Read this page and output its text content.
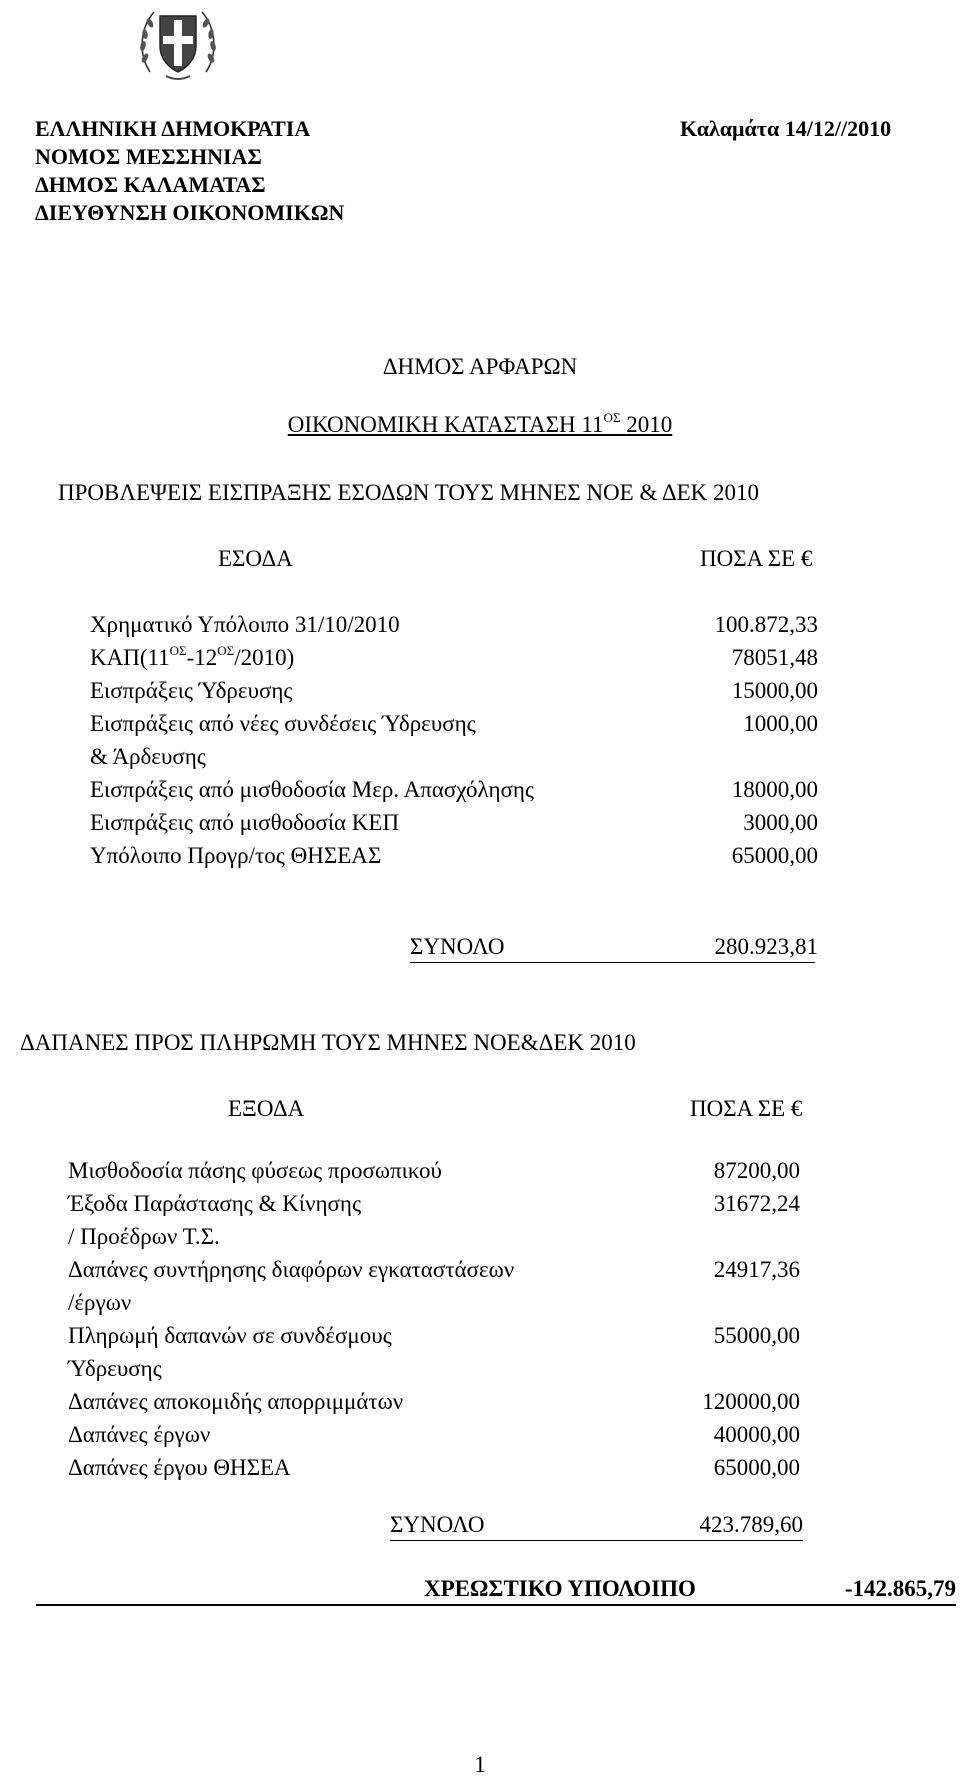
ΕΛΛΗΝΙΚΗ ΔΗΜΟΚΡΑΤΙΑ
ΝΟΜΟΣ ΜΕΣΣΗΝΙΑΣ
ΔΗΜΟΣ ΚΑΛΑΜΑΤΑΣ
ΔΙΕΥΘΥΝΣΗ ΟΙΚΟΝΟΜΙΚΩΝ
Καλαμάτα 14/12//2010
ΔΗΜΟΣ ΑΡΦΑΡΩΝ
ΟΙΚΟΝΟΜΙΚΗ ΚΑΤΑΣΤΑΣΗ $11^{O\Sigma}$ 2010
ΠΡΟΒΛΕΨΕΙΣ ΕΙΣΠΡΑΞΗΣ ΕΣΟΔΩΝ ΤΟΥΣ ΜΗΝΕΣ ΝΟΕ & ΔΕΚ 2010
ΕΣΟΔΑ	ΠΟΣΑ ΣΕ €
Χρηματικό Υπόλοιπο 31/10/2010	100.872,33
$KA\Pi(11^{O\Sigma}-12^{O\Sigma}/2010)$	78051,48
Εισπράξεις Ύδρευσης	15000,00
Εισπράξεις από νέες συνδέσεις Ύδρευσης	1000,00
& Άρδευσης
Εισπράξεις από μισθοδοσία Μερ. Απασχόλησης	18000,00
Εισπράξεις από μισθοδοσία ΚΕΠ	3000,00
Υπόλοιπο Προγρ/τος ΘΗΣΕΑΣ	65000,00
ΣΥΝΟΛΟ	280.923,81
ΔΑΠΑΝΕΣ ΠΡΟΣ ΠΛΗΡΩΜΗ ΤΟΥΣ ΜΗΝΕΣ ΝΟΕ&ΔΕΚ 2010
ΕΞΟΔΑ	ΠΟΣΑ ΣΕ €
Μισθοδοσία πάσης φύσεως προσωπικού	87200,00
Έξοδα Παράστασης & Κίνησης	31672,24
/ Προέδρων Τ.Σ.
Δαπάνες συντήρησης διαφόρων εγκαταστάσεων	24917,36
/έργων
Πληρωμή δαπανών σε συνδέσμους	55000,00
Ύδρευσης
Δαπάνες αποκομιδής απορριμμάτων	120000,00
Δαπάνες έργων	40000,00
Δαπάνες έργου ΘΗΣΕΑ	65000,00
ΣΥΝΟΛΟ	423.789,60
ΧΡΕΩΣΤΙΚΟ ΥΠΟΛΟΙΠΟ	-142.865,79
1
